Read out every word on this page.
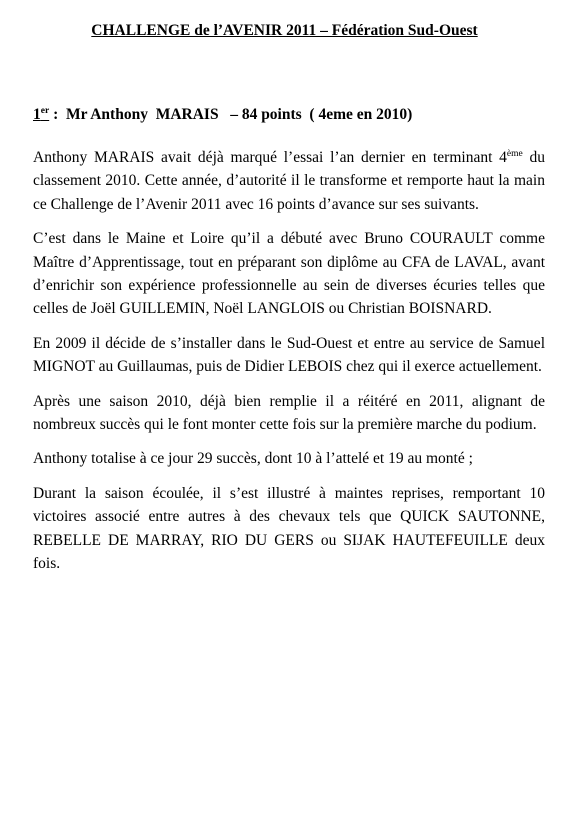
CHALLENGE de l’AVENIR 2011 – Fédération Sud-Ouest
1er :  Mr Anthony  MARAIS   – 84 points  ( 4eme en 2010)

Anthony MARAIS avait déjà marqué l’essai l’an dernier en terminant 4ème du classement 2010. Cette année, d’autorité il le transforme et remporte haut la main ce Challenge de l’Avenir 2011 avec 16 points d’avance sur ses suivants.

C’est dans le Maine et Loire qu’il a débuté avec Bruno COURAULT comme Maître d’Apprentissage, tout en préparant son diplôme au CFA de LAVAL, avant d’enrichir son expérience professionnelle au sein de diverses écuries telles que celles de Joël GUILLEMIN, Noël LANGLOIS ou Christian BOISNARD.

En 2009 il décide de s’installer dans le Sud-Ouest et entre au service de Samuel MIGNOT au Guillaumas, puis de Didier LEBOIS chez qui il exerce actuellement.

Après une saison 2010, déjà bien remplie il a réitéré en 2011, alignant de nombreux succès qui le font monter cette fois sur la première marche du podium.

Anthony totalise à ce jour 29 succès, dont 10 à l’attelé et 19 au monté ;

Durant la saison écoulée, il s’est illustré à maintes reprises, remportant 10 victoires associé entre autres à des chevaux tels que QUICK SAUTONNE, REBELLE DE MARRAY, RIO DU GERS ou SIJAK HAUTEFEUILLE deux fois.
